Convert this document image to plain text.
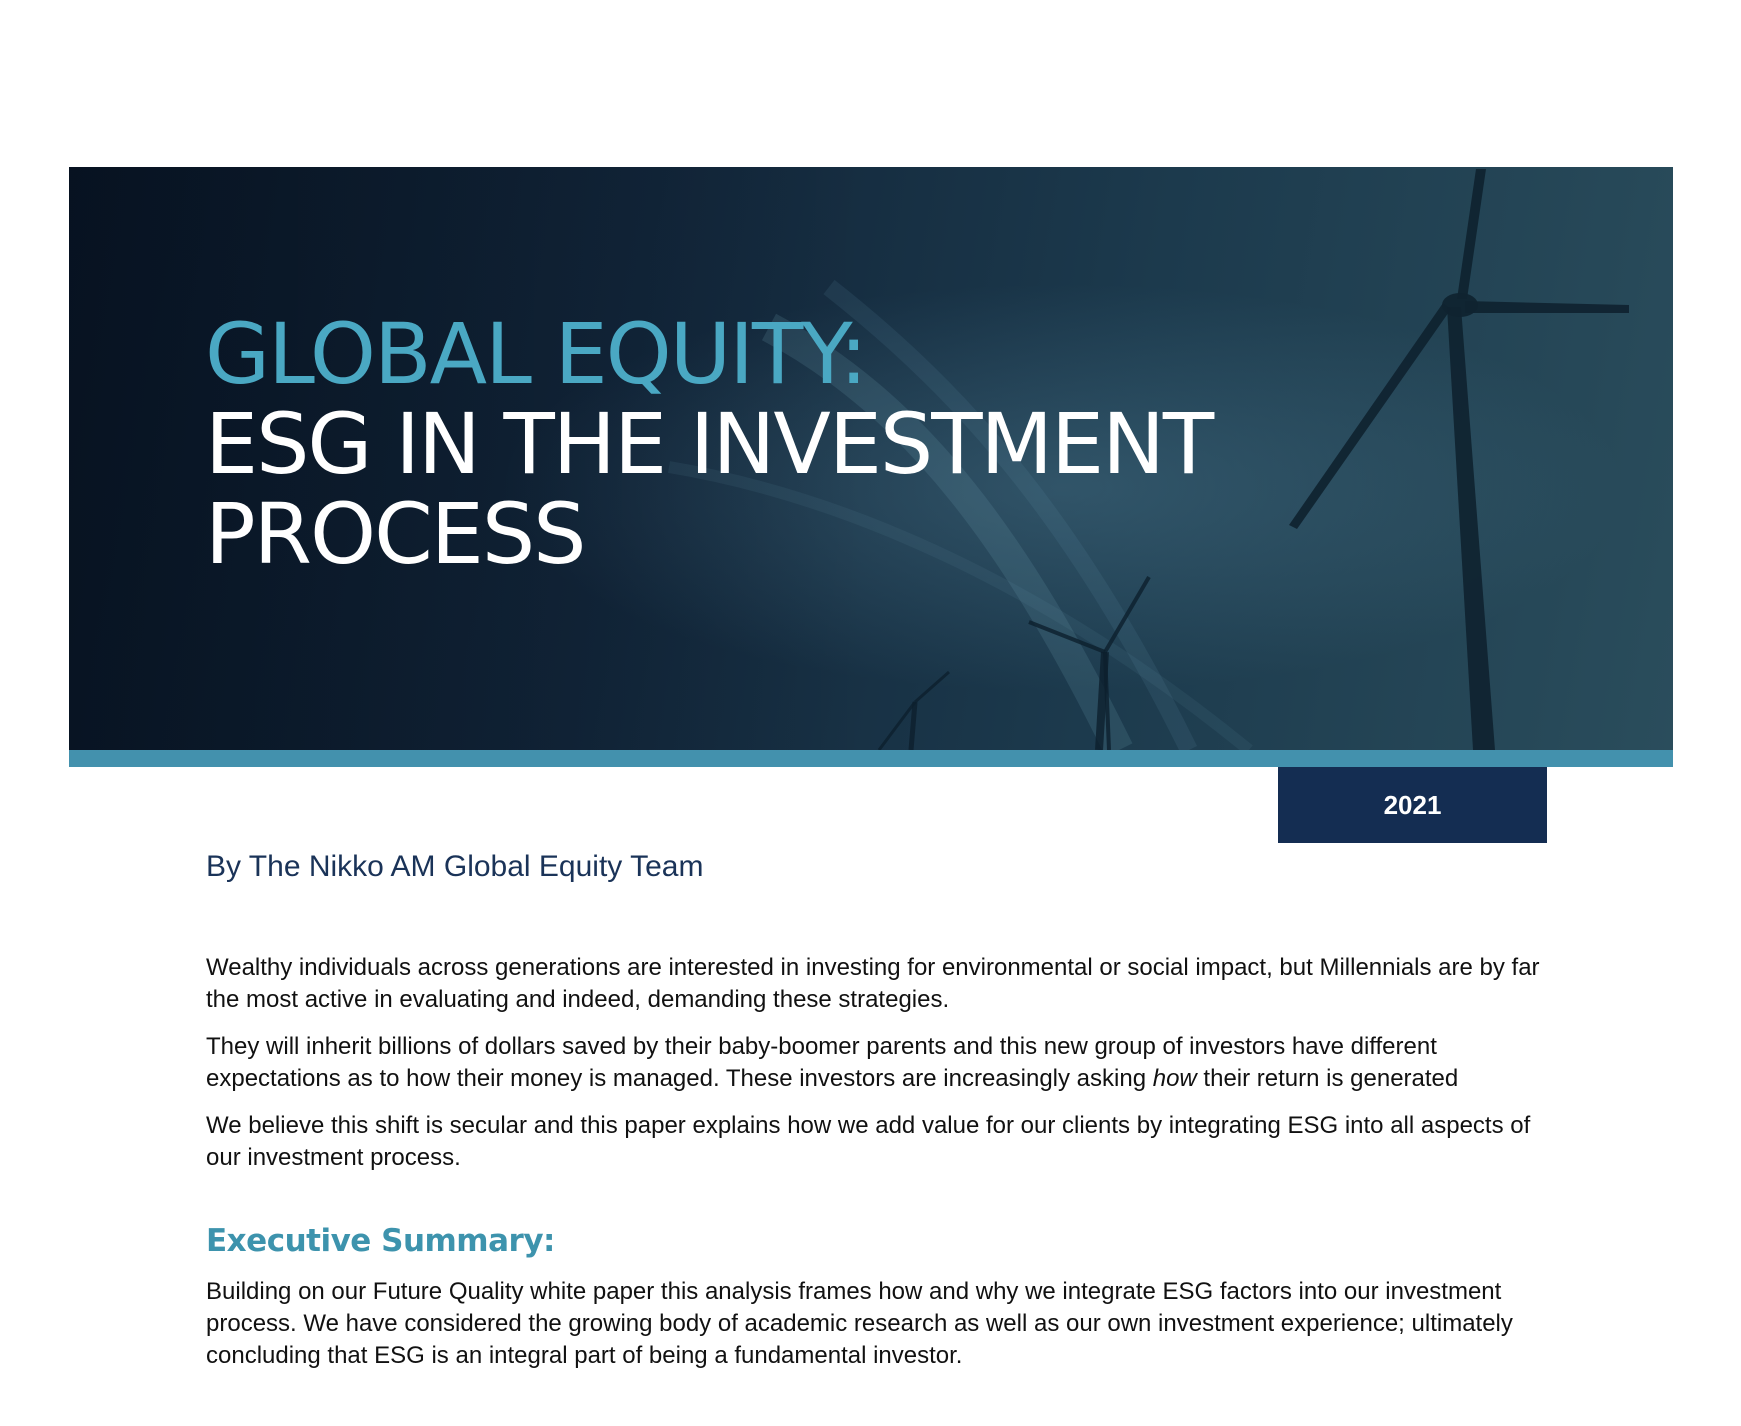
GLOBAL EQUITY:
ESG IN THE INVESTMENT
PROCESS
2021
By The Nikko AM Global Equity Team

Wealthy individuals across generations are interested in investing for environmental or social impact, but Millennials are by far the most active in evaluating and indeed, demanding these strategies.

They will inherit billions of dollars saved by their baby-boomer parents and this new group of investors have different expectations as to how their money is managed. These investors are increasingly asking how their return is generated

We believe this shift is secular and this paper explains how we add value for our clients by integrating ESG into all aspects of our investment process.

Executive Summary:

Building on our Future Quality white paper this analysis frames how and why we integrate ESG factors into our investment process. We have considered the growing body of academic research as well as our own investment experience; ultimately concluding that ESG is an integral part of being a fundamental investor.
